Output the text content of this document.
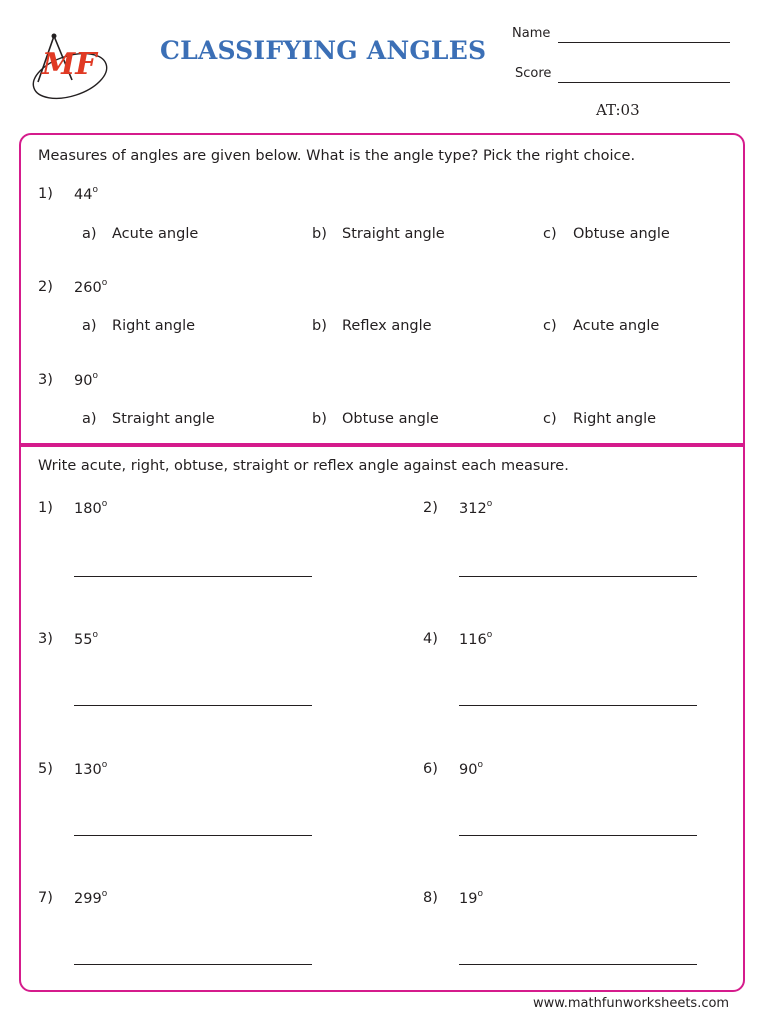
MF	CLASSIFYING ANGLES
Name
Score
AT:03
Measures of angles are given below. What is the angle type? Pick the right choice.
1) 44$^o$
a) Acute angle	b) Straight angle	c) Obtuse angle
2) 260$^o$
a) Right angle	b) Reflex angle	c) Acute angle
3) 90$^o$
a) Straight angle	b) Obtuse angle	c) Right angle
Write acute, right, obtuse, straight or reflex angle against each measure.
1) 180$^o$	2) 312$^o$
3) 55$^o$	4) 116$^o$
5) 130$^o$	6) 90$^o$
7) 299$^o$	8) 19$^o$
www.mathfunworksheets.com
